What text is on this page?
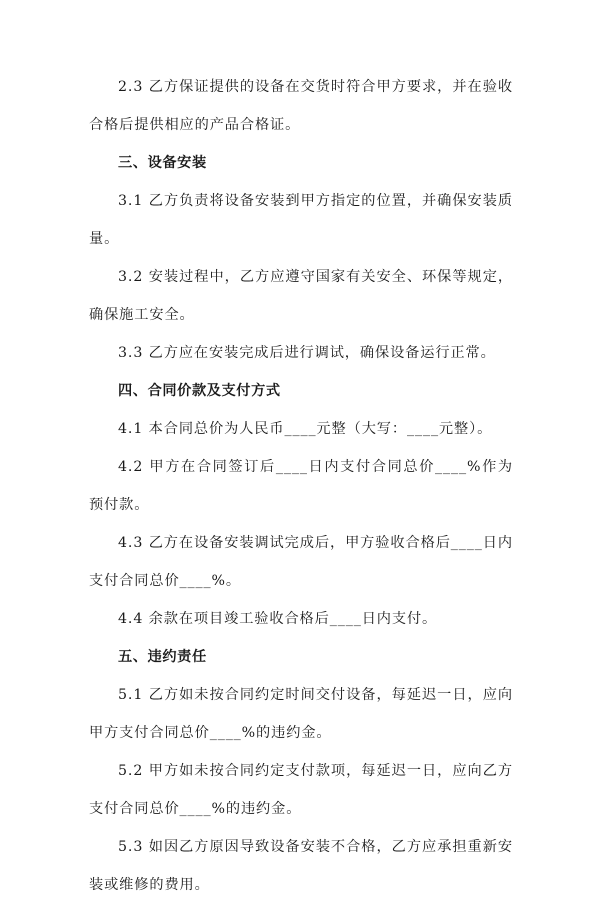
2.3 乙方保证提供的设备在交货时符合甲方要求，并在验收合格后提供相应的产品合格证。

三、设备安装

3.1 乙方负责将设备安装到甲方指定的位置，并确保安装质量。

3.2 安装过程中，乙方应遵守国家有关安全、环保等规定，确保施工安全。

3.3 乙方应在安装完成后进行调试，确保设备运行正常。

四、合同价款及支付方式

4.1 本合同总价为人民币____元整（大写：____元整）。

4.2 甲方在合同签订后____日内支付合同总价____%作为预付款。

4.3 乙方在设备安装调试完成后，甲方验收合格后____日内支付合同总价____%。

4.4 余款在项目竣工验收合格后____日内支付。

五、违约责任

5.1 乙方如未按合同约定时间交付设备，每延迟一日，应向甲方支付合同总价____%的违约金。

5.2 甲方如未按合同约定支付款项，每延迟一日，应向乙方支付合同总价____%的违约金。

5.3 如因乙方原因导致设备安装不合格，乙方应承担重新安装或维修的费用。
